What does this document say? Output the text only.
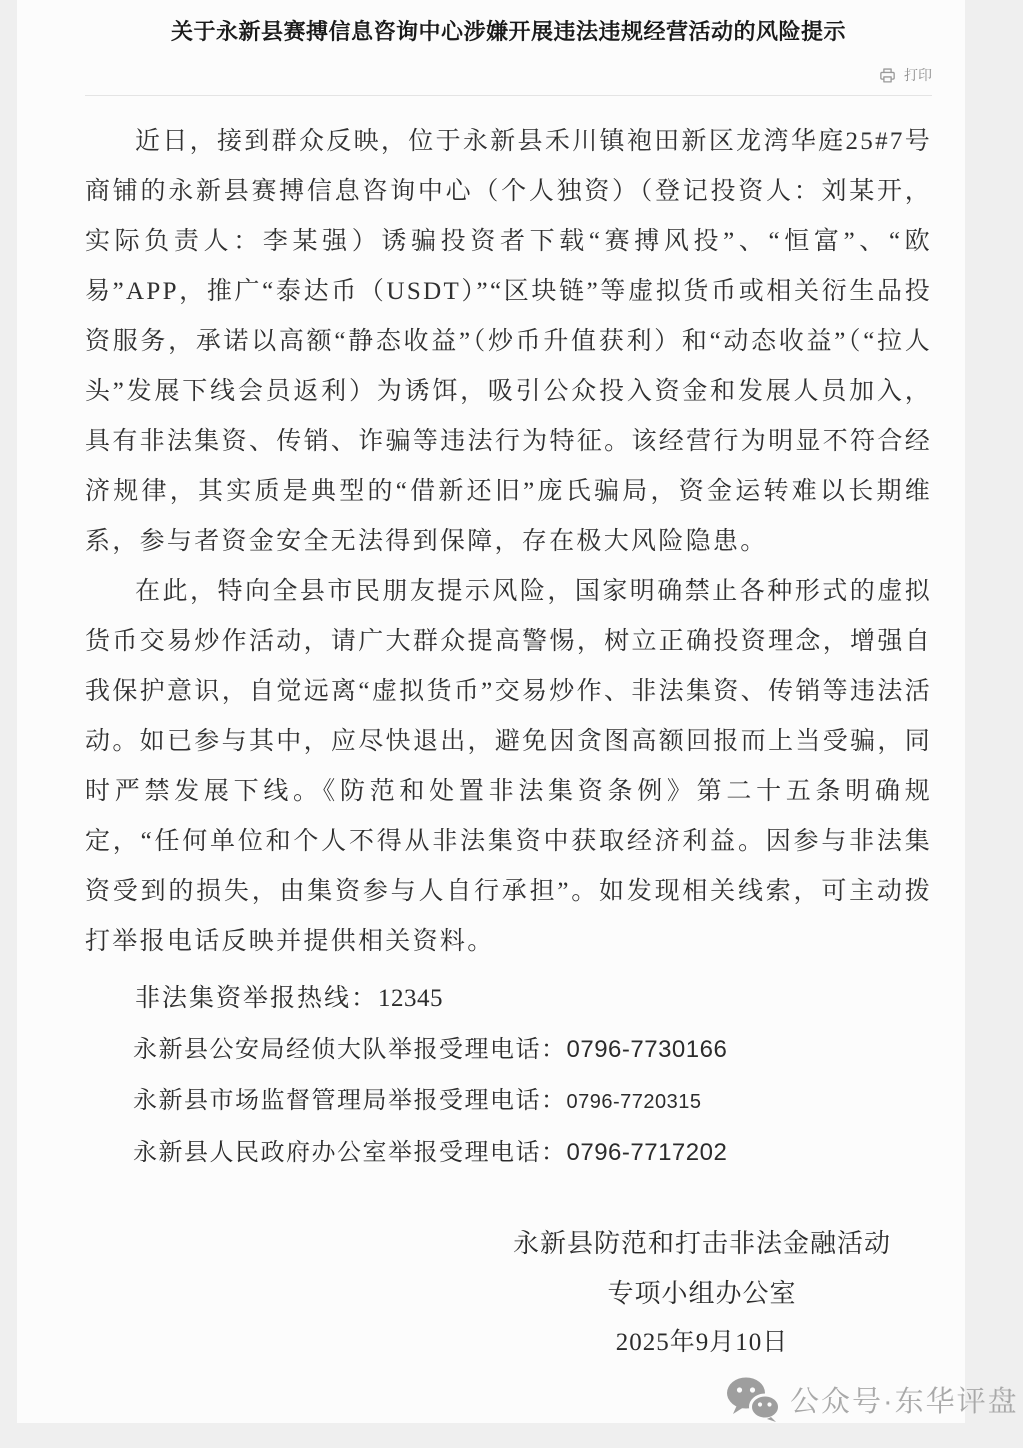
关于永新县赛搏信息咨询中心涉嫌开展违法违规经营活动的风险提示
打印

近日，接到群众反映，位于永新县禾川镇袍田新区龙湾华庭25#7号商铺的永新县赛搏信息咨询中心（个人独资）（登记投资人：刘某开，实际负责人：李某强）诱骗投资者下载“赛搏风投”、“恒富”、“欧易”APP，推广“泰达币（USDT）”“区块链”等虚拟货币或相关衍生品投资服务，承诺以高额“静态收益”（炒币升值获利）和“动态收益”（“拉人头”发展下线会员返利）为诱饵，吸引公众投入资金和发展人员加入，具有非法集资、传销、诈骗等违法行为特征。该经营行为明显不符合经济规律，其实质是典型的“借新还旧”庞氏骗局，资金运转难以长期维系，参与者资金安全无法得到保障，存在极大风险隐患。

在此，特向全县市民朋友提示风险，国家明确禁止各种形式的虚拟货币交易炒作活动，请广大群众提高警惕，树立正确投资理念，增强自我保护意识，自觉远离“虚拟货币”交易炒作、非法集资、传销等违法活动。如已参与其中，应尽快退出，避免因贪图高额回报而上当受骗，同时严禁发展下线。《防范和处置非法集资条例》第二十五条明确规定，“任何单位和个人不得从非法集资中获取经济利益。因参与非法集资受到的损失，由集资参与人自行承担”。如发现相关线索，可主动拨打举报电话反映并提供相关资料。

非法集资举报热线：12345
永新县公安局经侦大队举报受理电话：0796-7730166
永新县市场监督管理局举报受理电话：0796-7720315
永新县人民政府办公室举报受理电话：0796-7717202
永新县防范和打击非法金融活动
专项小组办公室
2025年9月10日
公众号·东华评盘
